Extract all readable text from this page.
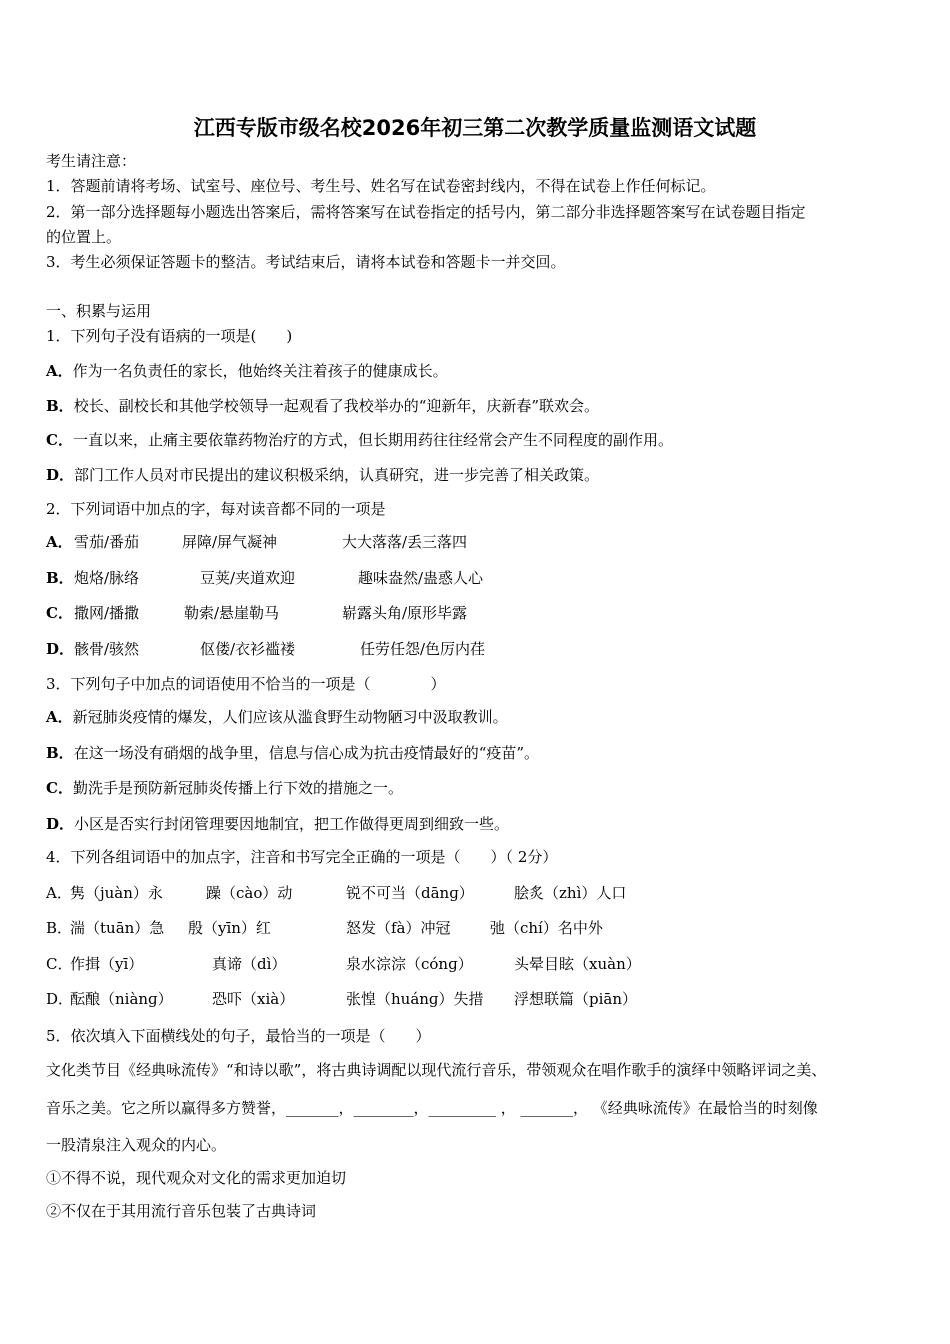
江西专版市级名校2026年初三第二次教学质量监测语文试题
考生请注意：
1．答题前请将考场、试室号、座位号、考生号、姓名写在试卷密封线内，不得在试卷上作任何标记。
2．第一部分选择题每小题选出答案后，需将答案写在试卷指定的括号内，第二部分非选择题答案写在试卷题目指定
的位置上。
3．考生必须保证答题卡的整洁。考试结束后，请将本试卷和答题卡一并交回。
一、积累与运用
1．下列句子没有语病的一项是(　　)
A．作为一名负责任的家长，他始终关注着孩子的健康成长。
B．校长、副校长和其他学校领导一起观看了我校举办的“迎新年，庆新春”联欢会。
C．一直以来，止痛主要依靠药物治疗的方式，但长期用药往往经常会产生不同程度的副作用。
D．部门工作人员对市民提出的建议积极采纳，认真研究，进一步完善了相关政策。
2．下列词语中加点的字，每对读音都不同的一项是
A． 雪茄/番茄	屏障/屏气凝神	大大落落/丢三落四
B． 炮烙/脉络	豆荚/夹道欢迎	趣味盎然/蛊惑人心
C． 撒网/播撒	勒索/悬崖勒马	崭露头角/原形毕露
D． 骸骨/骇然	伛偻/衣衫褴褛	任劳任怨/色厉内荏
3．下列句子中加点的词语使用不恰当的一项是（　　　　）
A．新冠肺炎疫情的爆发，人们应该从滥食野生动物陋习中汲取教训。
B．在这一场没有硝烟的战争里，信息与信心成为抗击疫情最好的“疫苗”。
C．勤洗手是预防新冠肺炎传播上行下效的措施之一。
D．小区是否实行封闭管理要因地制宜，把工作做得更周到细致一些。
4．下列各组词语中的加点字，注音和书写完全正确的一项是（　　）（ 2分）
A．
隽（juàn）永	躁（cào）动	锐不可当（dānɡ）	脍炙（zhì）人口
B．
湍（tuān）急 殷（yīn）红	怒发（fà）冲冠	弛（chí）名中外
C．
作揖（yī）	真谛（dì）	泉水淙淙（cónɡ）	头晕目眩（xuàn）
D．
酝酿（niànɡ）	恐吓（xià）	张惶（huánɡ）失措 浮想联篇（piān）
5．依次填入下面横线处的句子，最恰当的一项是（　　）
文化类节目《经典咏流传》“和诗以歌”，将古典诗调配以现代流行音乐，带领观众在唱作歌手的演绎中领略评词之美、
音乐之美。它之所以赢得多方赞誉，_______，________，_________ ， _______， 《经典咏流传》在最恰当的时刻像
一股清泉注入观众的内心。
①不得不说，现代观众对文化的需求更加迫切
②不仅在于其用流行音乐包装了古典诗词
